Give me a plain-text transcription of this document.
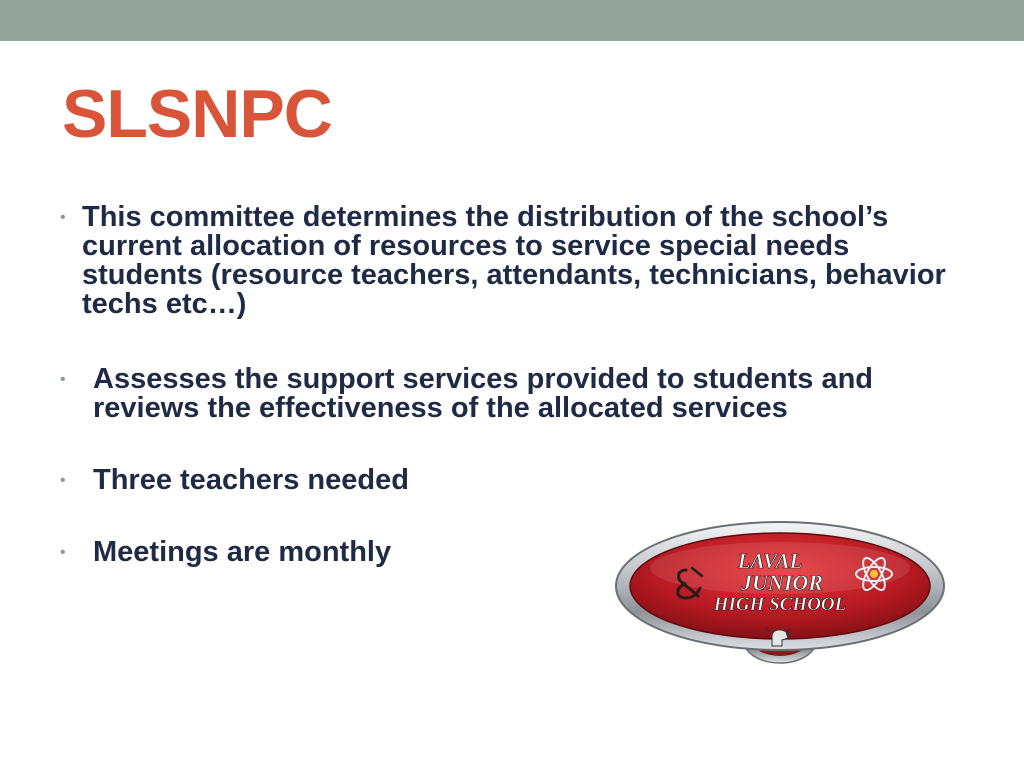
SLSNPC
• This committee determines the distribution of the school’s current allocation of resources to service special needs students (resource teachers, attendants, technicians, behavior techs etc…)
• Assesses the support services provided to students and reviews the effectiveness of the allocated services
• Three teachers needed
• Meetings are monthly	LAVAL
JUNIOR
HIGH SCHOOL
